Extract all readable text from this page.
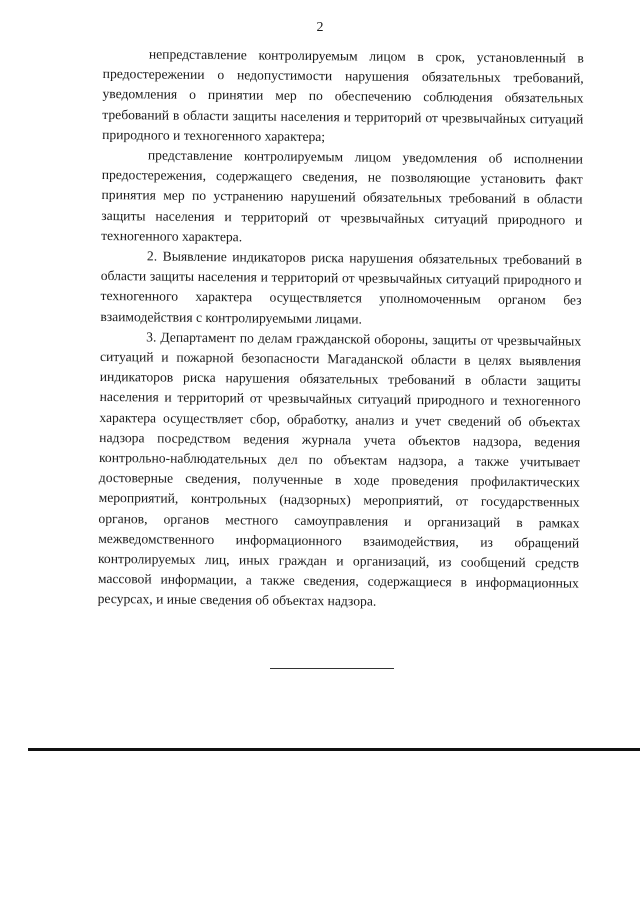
2

непредставление контролируемым лицом в срок, установленный в предостережении о недопустимости нарушения обязательных требований, уведомления о принятии мер по обеспечению соблюдения обязательных требований в области защиты населения и территорий от чрезвычайных ситуаций природного и техногенного характера;

представление контролируемым лицом уведомления об исполнении предостережения, содержащего сведения, не позволяющие установить факт принятия мер по устранению нарушений обязательных требований в области защиты населения и территорий от чрезвычайных ситуаций природного и техногенного характера.

2. Выявление индикаторов риска нарушения обязательных требований в области защиты населения и территорий от чрезвычайных ситуаций природного и техногенного характера осуществляется уполномоченным органом без взаимодействия с контролируемыми лицами.

3. Департамент по делам гражданской обороны, защиты от чрезвычайных ситуаций и пожарной безопасности Магаданской области в целях выявления индикаторов риска нарушения обязательных требований в области защиты населения и территорий от чрезвычайных ситуаций природного и техногенного характера осуществляет сбор, обработку, анализ и учет сведений об объектах надзора посредством ведения журнала учета объектов надзора, ведения контрольно-наблюдательных дел по объектам надзора, а также учитывает достоверные сведения, полученные в ходе проведения профилактических мероприятий, контрольных (надзорных) мероприятий, от государственных органов, органов местного самоуправления и организаций в рамках межведомственного информационного взаимодействия, из обращений контролируемых лиц, иных граждан и организаций, из сообщений средств массовой информации, а также сведения, содержащиеся в информационных ресурсах, и иные сведения об объектах надзора.
